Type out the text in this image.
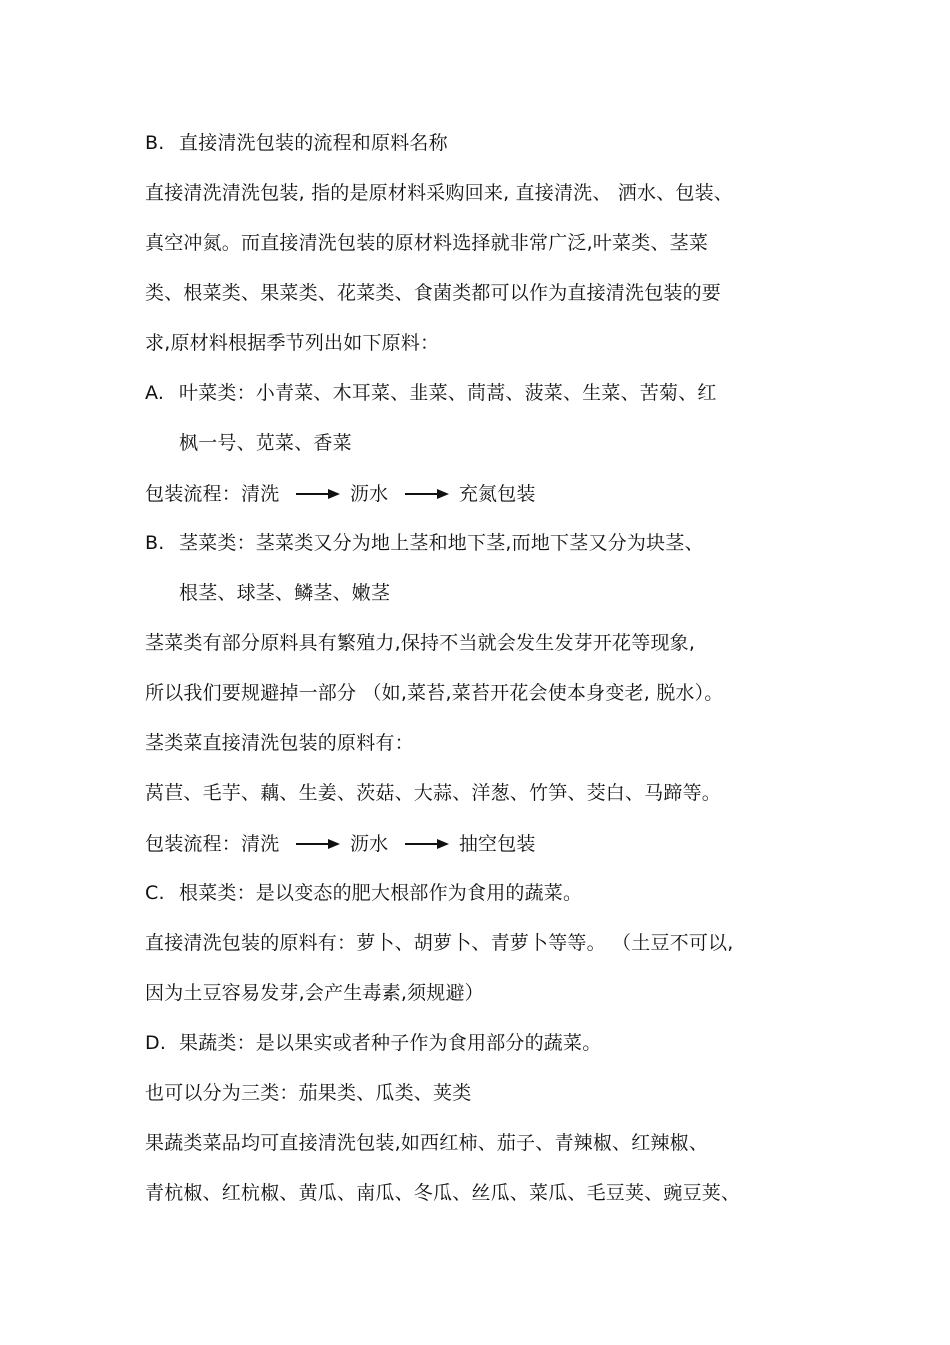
B. 直接清洗包装的流程和原料名称
直接清洗清洗包装, 指的是原材料采购回来, 直接清洗、 洒水、包装、
真空冲氮。而直接清洗包装的原材料选择就非常广泛,叶菜类、茎菜
类、根菜类、果菜类、花菜类、食菌类都可以作为直接清洗包装的要
求,原材料根据季节列出如下原料：
A. 叶菜类：小青菜、木耳菜、韭菜、茼蒿、菠菜、生菜、苦菊、红
枫一号、苋菜、香菜
包装流程：清洗	沥水	充氮包装
B. 茎菜类：茎菜类又分为地上茎和地下茎,而地下茎又分为块茎、
根茎、球茎、鳞茎、嫩茎
茎菜类有部分原料具有繁殖力,保持不当就会发生发芽开花等现象,
所以我们要规避掉一部分 （如,菜苔,菜苔开花会使本身变老, 脱水）。
茎类菜直接清洗包装的原料有：
莴苣、毛芋、藕、生姜、茨菇、大蒜、洋葱、竹笋、茭白、马蹄等。
包装流程：清洗	沥水	抽空包装
C. 根菜类：是以变态的肥大根部作为食用的蔬菜。
直接清洗包装的原料有：萝卜、胡萝卜、青萝卜等等。 （土豆不可以,
因为土豆容易发芽,会产生毒素,须规避）
D. 果蔬类：是以果实或者种子作为食用部分的蔬菜。
也可以分为三类：茄果类、瓜类、荚类
果蔬类菜品均可直接清洗包装,如西红柿、茄子、青辣椒、红辣椒、
青杭椒、红杭椒、黄瓜、南瓜、冬瓜、丝瓜、菜瓜、毛豆荚、豌豆荚、
